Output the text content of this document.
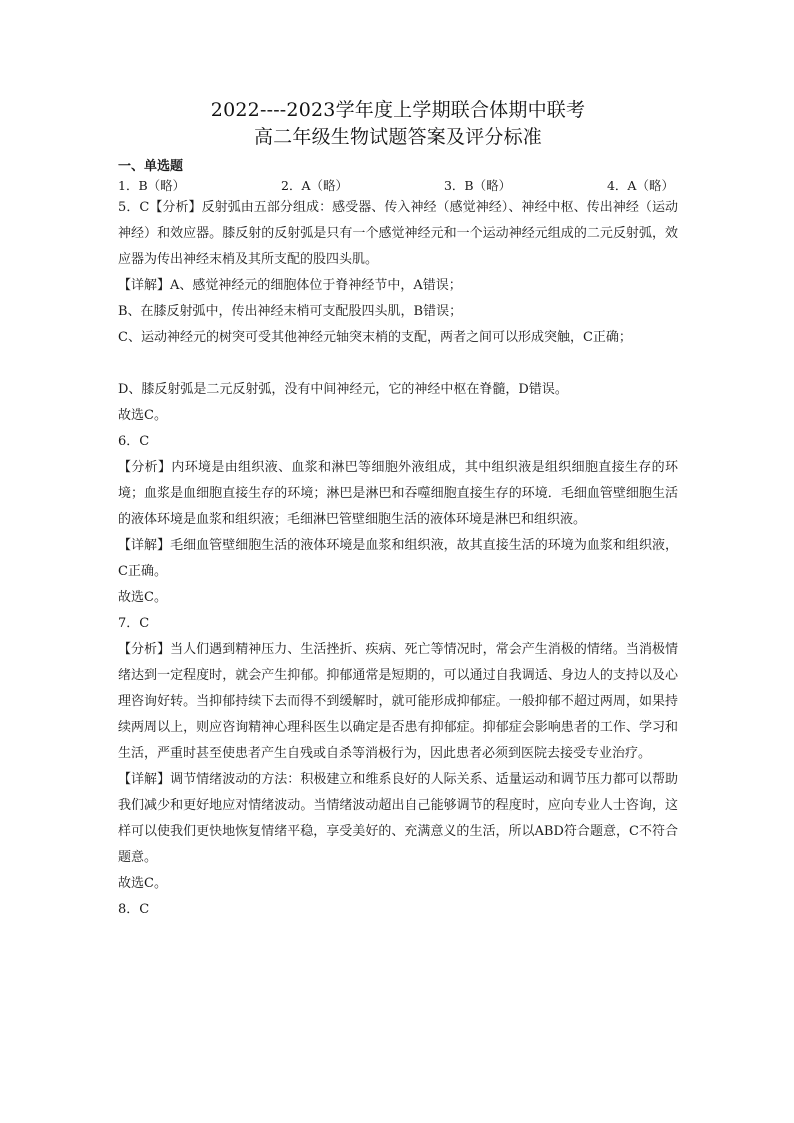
2022----2023学年度上学期联合体期中联考
高二年级生物试题答案及评分标准
一、单选题
1．B（略）	2．A（略）	3．B（略）	4．A（略）

5．C【分析】反射弧由五部分组成：感受器、传入神经（感觉神经）、神经中枢、传出神经（运动神经）和效应器。膝反射的反射弧是只有一个感觉神经元和一个运动神经元组成的二元反射弧，效应器为传出神经末梢及其所支配的股四头肌。

【详解】A、感觉神经元的细胞体位于脊神经节中，A错误；

B、在膝反射弧中，传出神经末梢可支配股四头肌，B错误；

C、运动神经元的树突可受其他神经元轴突末梢的支配，两者之间可以形成突触，C正确；

D、膝反射弧是二元反射弧，没有中间神经元，它的神经中枢在脊髓，D错误。

故选C。

6．C

【分析】内环境是由组织液、血浆和淋巴等细胞外液组成，其中组织液是组织细胞直接生存的环境；血浆是血细胞直接生存的环境；淋巴是淋巴和吞噬细胞直接生存的环境．毛细血管壁细胞生活的液体环境是血浆和组织液；毛细淋巴管壁细胞生活的液体环境是淋巴和组织液。

【详解】毛细血管壁细胞生活的液体环境是血浆和组织液，故其直接生活的环境为血浆和组织液，C正确。

故选C。

7．C

【分析】当人们遇到精神压力、生活挫折、疾病、死亡等情况时，常会产生消极的情绪。当消极情绪达到一定程度时，就会产生抑郁。抑郁通常是短期的，可以通过自我调适、身边人的支持以及心理咨询好转。当抑郁持续下去而得不到缓解时，就可能形成抑郁症。一般抑郁不超过两周，如果持续两周以上，则应咨询精神心理科医生以确定是否患有抑郁症。抑郁症会影响患者的工作、学习和生活，严重时甚至使患者产生自残或自杀等消极行为，因此患者必须到医院去接受专业治疗。

【详解】调节情绪波动的方法：积极建立和维系良好的人际关系、适量运动和调节压力都可以帮助我们减少和更好地应对情绪波动。当情绪波动超出自己能够调节的程度时，应向专业人士咨询，这样可以使我们更快地恢复情绪平稳，享受美好的、充满意义的生活，所以ABD符合题意，C不符合题意。

故选C。

8．C
